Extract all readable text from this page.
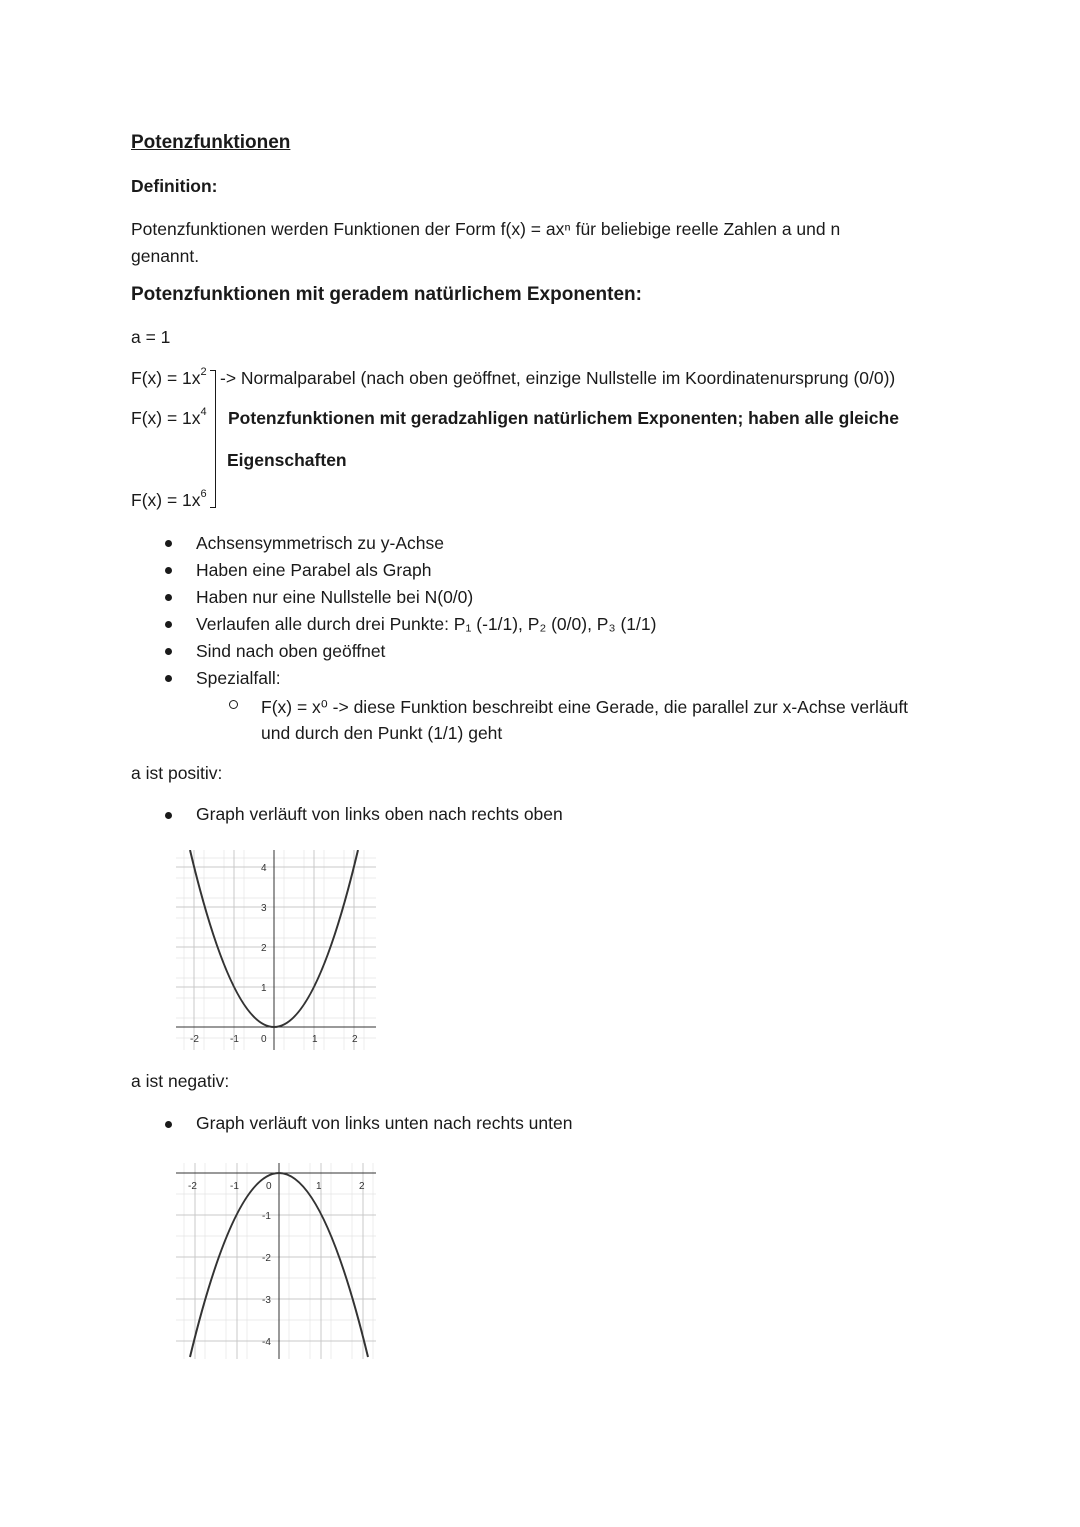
Potenzfunktionen
Definition:
Potenzfunktionen werden Funktionen der Form f(x) = axⁿ für beliebige reelle Zahlen a und n genannt.
Potenzfunktionen mit geradem natürlichem Exponenten:
a = 1
$F(x) = 1x^2$
$F(x) = 1x^4$
$F(x) = 1x^6$
-> Normalparabel (nach oben geöffnet, einzige Nullstelle im Koordinatenursprung (0/0))
Potenzfunktionen mit geradzahligen natürlichem Exponenten; haben alle gleiche
Eigenschaften
Achsensymmetrisch zu y-Achse
Haben eine Parabel als Graph
Haben nur eine Nullstelle bei N(0/0)
Verlaufen alle durch drei Punkte: P₁ (-1/1), P₂ (0/0), P₃ (1/1)
Sind nach oben geöffnet
Spezialfall:
F(x) = x⁰ -> diese Funktion beschreibt eine Gerade, die parallel zur x-Achse verläuft und durch den Punkt (1/1) geht
a ist positiv:
Graph verläuft von links oben nach rechts oben
4
3
2
1
-2	-1 0	1	2
a ist negativ:
Graph verläuft von links unten nach rechts unten
-2	-1	0	1	2
-1
-2
-3
-4
